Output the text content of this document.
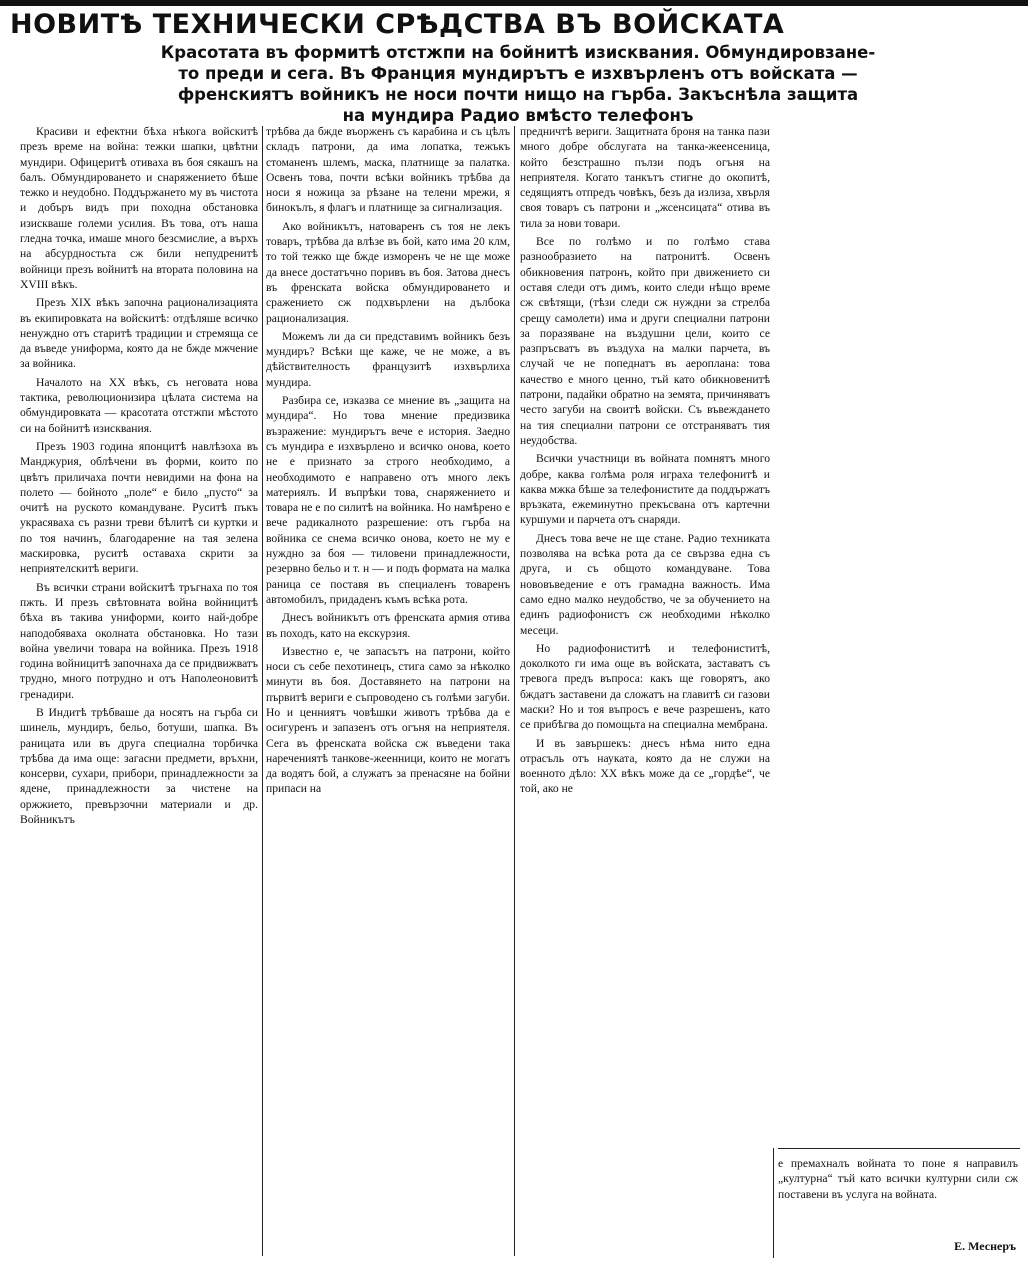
НОВИТѢ ТЕХНИЧЕСКИ СРѢДСТВА ВЪ ВОЙСКАТА

Красотата въ формитѣ отстжпи на бойнитѣ изисквания. Обмундировзане-

то преди и сега. Въ Франция мундирътъ е изхвърленъ отъ войската —

френскиятъ войникъ не носи почти нищо на гърба. Закъснѣла защита

на мундира Радио вмѣсто телефонъ

Красиви и ефектни бѣха нѣкога войскитѣ презъ време на война: тежки шапки, цвѣтни мундири. Офицеритѣ отиваха въ боя сякашъ на балъ. Обмундироването и снаряжението бѣше тежко и неудобно. Поддържането му въ чистота и добъръ видъ при походна обстановка изискваше големи усилия. Въ това, отъ наша гледна точка, имаше много безсмислие, а върхъ на абсурдностьта сж били непудренитѣ войници презъ войнитѣ на втората половина на XVIII вѣкъ.

Презъ XIX вѣкъ започна рационализацията въ екипировката на войскитѣ: отдѣляше всичко ненуждно отъ старитѣ традиции и стремяща се да въведе униформа, която да не бжде мжчение за войника.

Началото на XX вѣкъ, съ неговата нова тактика, революционизира цѣлата система на обмундировката — красотата отстжпи мѣстото си на бойнитѣ изисквания.

Презъ 1903 година японцитѣ навлѣзоха въ Манджурия, облѣчени въ форми, които по цвѣтъ приличаха почти невидими на фона на полето — бойното „поле“ е било „пусто“ за очитѣ на руското командуване. Руситѣ пъкъ украсяваха съ разни треви бѣлитѣ си куртки и по тоя начинъ, благодарение на тая зелена маскировка, руситѣ оставаха скрити за неприятелскитѣ вериги.

Въ всички страни войскитѣ тръгнаха по тоя пжть. И презъ свѣтовната война войницитѣ бѣха въ такива униформи, които най-добре наподобяваха околната обстановка. Но тази война увеличи товара на войника. Презъ 1918 година войницитѣ започнаха да се придвижватъ трудно, много потрудно и отъ Наполеоновитѣ гренадири.

В Индитѣ трѣбваше да носятъ на гърба си шинель, мундиръ, бельо, ботуши, шапка. Въ раницата или въ друга специална торбичка трѣбва да има още: загасни предмети, връхни, консерви, сухари, прибори, принадлежности за ядене, принадлежности за чистене на оржжието, превързочни материали и др. Войникътъ

трѣбва да бжде въорженъ съ карабина и съ цѣлъ складъ патрони, да има лопатка, тежъкъ стоманенъ шлемъ, маска, платнище за палатка. Освенъ това, почти всѣки войникъ трѣбва да носи я ножица за рѣзане на телени мрежи, я бинокълъ, я флагъ и платнище за сигнализация.

Ако войникътъ, натоваренъ съ тоя не лекъ товаръ, трѣбва да влѣзе въ бой, като има 20 клм, то той тежко ще бжде изморенъ че не ще може да внесе достатъчно поривъ въ боя. Затова днесъ въ френската войска обмундироването и сражението сж подхвърлени на дълбока рационализация.

Можемъ ли да си представимъ войникъ безъ мундиръ? Всѣки ще каже, че не може, а въ дѣйствителность французитѣ изхвърлиха мундира.

Разбира се, изказва се мнение въ „защита на мундира“. Но това мнение предизвика възражение: мундирътъ вече е история. Заедно съ мундира е изхвърлено и всичко онова, което не е признато за строго необходимо, а необходимото е направено отъ много лекъ материялъ. И въпрѣки това, снаряжението и товара не е по силитѣ на войника. Но намѣрено е вече радикалното разрешение: отъ гърба на войника се снема всичко онова, което не му е нуждно за боя — тиловени принадлежности, резервно бельо и т. н — и подъ формата на малка раница се поставя въ специаленъ товаренъ автомобилъ, придаденъ къмъ всѣка рота.

Днесъ войникътъ отъ френската армия отива въ походъ, като на екскурзия.

Известно е, че запасътъ на патрони, който носи съ себе пехотинецъ, стига само за нѣколко минути въ боя. Доставянето на патрони на първитѣ вериги е съпроводено съ голѣми загуби. Но и ценниятъ човѣшки животъ трѣбва да е осигуренъ и запазенъ отъ огъня на неприятеля. Сега въ френската войска сж въведени така наречениятѣ танкове-жеенници, които не могатъ да водятъ бой, а служатъ за пренасяне на бойни припаси на

предничтѣ вериги. Защитната броня на танка пази много добре обслугата на танка-жеенсеница, който безстрашно пълзи подъ огъня на неприятеля. Когато танкътъ стигне до окопитѣ, седящиятъ отпредъ човѣкъ, безъ да излиза, хвърля своя товаръ съ патрони и „жсенсицата“ отива въ тила за нови товари.

Все по голѣмо и по голѣмо става разнообразието на патронитѣ. Освенъ обикновения патронъ, който при движението си оставя следи отъ димъ, които следи нѣщо време сж свѣтящи, (тѣзи следи сж нуждни за стрелба срещу самолети) има и други специални патрони за поразяване на въздушни цели, които се разпръсватъ въ въздуха на малки парчета, въ случай че не попеднатъ въ аероплана: това качество е много ценно, тъй като обикновенитѣ патрони, падайки обратно на земята, причиняватъ често загуби на своитѣ войски. Съ въвеждането на тия специални патрони се отстраняватъ тия неудобства.

Всички участници въ войната помнятъ много добре, каква голѣма роля играха телефонитѣ и каква мжка бѣше за телефонистите да поддържатъ връзката, ежеминутно прекъсвана отъ картечни куршуми и парчета отъ снаряди.

Днесъ това вече не ще стане. Радио техниката позволява на всѣка рота да се свързва една съ друга, и съ общото командуване. Това нововъведение е отъ грамадна важность. Има само едно малко неудобство, че за обучението на единъ радиофонистъ сж необходими нѣколко месеци.

Но радиофониститѣ и телефониститѣ, доколкото ги има още въ войската, заставатъ съ тревога предъ въпроса: какъ ще говорятъ, ако бждатъ заставени да сложатъ на главитѣ си газови маски? Но и тоя въпросъ е вече разрешенъ, като се прибѣгва до помощьта на специална мембрана.

И въ завършекъ: днесъ нѣма нито една отрасъль отъ науката, която да не служи на военното дѣло: XX вѣкъ може да се „гордѣе“, че той, ако не

е премахналъ войната то поне я направилъ „културна“ тъй като всички културни сили сж поставени въ услуга на войната.

Е. Меснеръ
